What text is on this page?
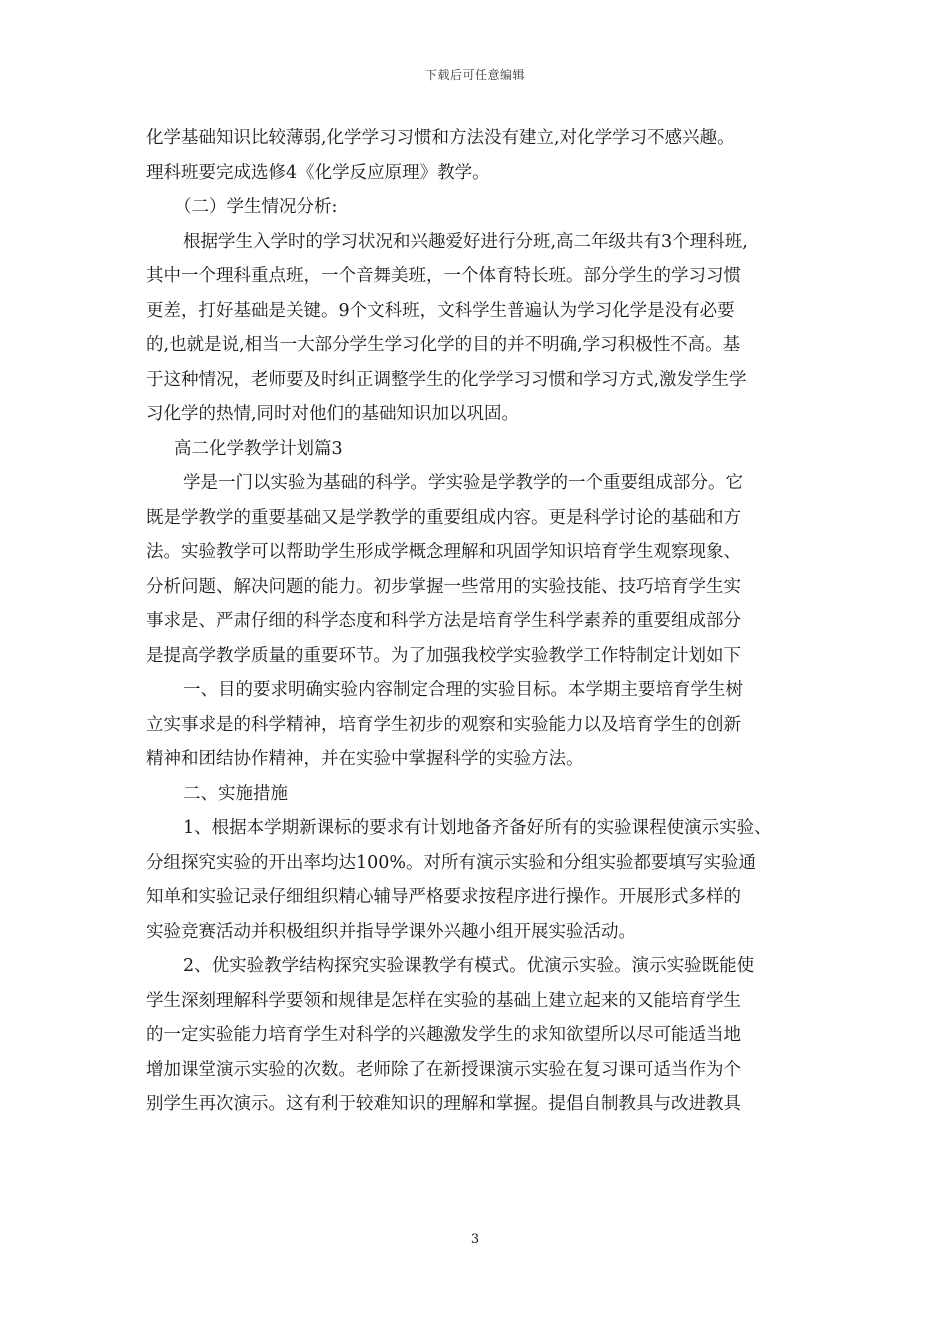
下载后可任意编辑
化学基础知识比较薄弱,化学学习习惯和方法没有建立,对化学学习不感兴趣。
理科班要完成选修4《化学反应原理》教学。
（二）学生情况分析:
根据学生入学时的学习状况和兴趣爱好进行分班,高二年级共有3个理科班,
其中一个理科重点班，一个音舞美班，一个体育特长班。部分学生的学习习惯
更差，打好基础是关键。9个文科班，文科学生普遍认为学习化学是没有必要
的,也就是说,相当一大部分学生学习化学的目的并不明确,学习积极性不高。基
于这种情况，老师要及时纠正调整学生的化学学习习惯和学习方式,激发学生学
习化学的热情,同时对他们的基础知识加以巩固。
高二化学教学计划篇3
学是一门以实验为基础的科学。学实验是学教学的一个重要组成部分。它
既是学教学的重要基础又是学教学的重要组成内容。更是科学讨论的基础和方
法。实验教学可以帮助学生形成学概念理解和巩固学知识培育学生观察现象、
分析问题、解决问题的能力。初步掌握一些常用的实验技能、技巧培育学生实
事求是、严肃仔细的科学态度和科学方法是培育学生科学素养的重要组成部分
是提高学教学质量的重要环节。为了加强我校学实验教学工作特制定计划如下
一、目的要求明确实验内容制定合理的实验目标。本学期主要培育学生树
立实事求是的科学精神，培育学生初步的观察和实验能力以及培育学生的创新
精神和团结协作精神，并在实验中掌握科学的实验方法。
二、实施措施
1、根据本学期新课标的要求有计划地备齐备好所有的实验课程使演示实验、
分组探究实验的开出率均达100%。对所有演示实验和分组实验都要填写实验通
知单和实验记录仔细组织精心辅导严格要求按程序进行操作。开展形式多样的
实验竞赛活动并积极组织并指导学课外兴趣小组开展实验活动。
2、优实验教学结构探究实验课教学有模式。优演示实验。演示实验既能使
学生深刻理解科学要领和规律是怎样在实验的基础上建立起来的又能培育学生
的一定实验能力培育学生对科学的兴趣激发学生的求知欲望所以尽可能适当地
增加课堂演示实验的次数。老师除了在新授课演示实验在复习课可适当作为个
别学生再次演示。这有利于较难知识的理解和掌握。提倡自制教具与改进教具
3
